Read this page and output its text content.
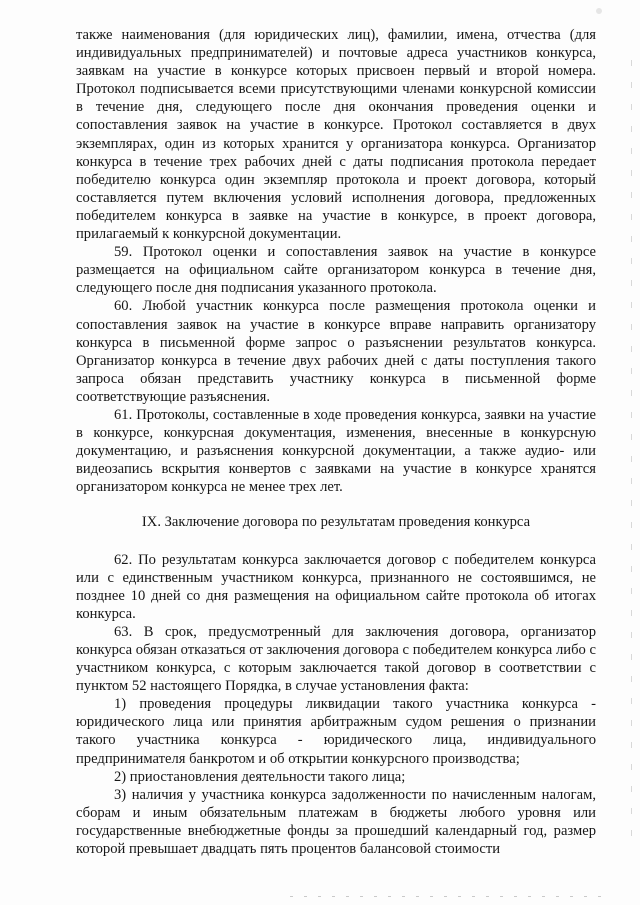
также наименования (для юридических лиц), фамилии, имена, отчества (для индивидуальных предпринимателей) и почтовые адреса участников конкурса, заявкам на участие в конкурсе которых присвоен первый и второй номера. Протокол подписывается всеми присутствующими членами конкурсной комиссии в течение дня, следующего после дня окончания проведения оценки и сопоставления заявок на участие в конкурсе. Протокол составляется в двух экземплярах, один из которых хранится у организатора конкурса. Организатор конкурса в течение трех рабочих дней с даты подписания протокола передает победителю конкурса один экземпляр протокола и проект договора, который составляется путем включения условий исполнения договора, предложенных победителем конкурса в заявке на участие в конкурсе, в проект договора, прилагаемый к конкурсной документации.

59. Протокол оценки и сопоставления заявок на участие в конкурсе размещается на официальном сайте организатором конкурса в течение дня, следующего после дня подписания указанного протокола.

60. Любой участник конкурса после размещения протокола оценки и сопоставления заявок на участие в конкурсе вправе направить организатору конкурса в письменной форме запрос о разъяснении результатов конкурса. Организатор конкурса в течение двух рабочих дней с даты поступления такого запроса обязан представить участнику конкурса в письменной форме соответствующие разъяснения.

61. Протоколы, составленные в ходе проведения конкурса, заявки на участие в конкурсе, конкурсная документация, изменения, внесенные в конкурсную документацию, и разъяснения конкурсной документации, а также аудио- или видеозапись вскрытия конвертов с заявками на участие в конкурсе хранятся организатором конкурса не менее трех лет.

IX. Заключение договора по результатам проведения конкурса

62. По результатам конкурса заключается договор с победителем конкурса или с единственным участником конкурса, признанного не состоявшимся, не позднее 10 дней со дня размещения на официальном сайте протокола об итогах конкурса.

63. В срок, предусмотренный для заключения договора, организатор конкурса обязан отказаться от заключения договора с победителем конкурса либо с участником конкурса, с которым заключается такой договор в соответствии с пунктом 52 настоящего Порядка, в случае установления факта:

1) проведения процедуры ликвидации такого участника конкурса - юридического лица или принятия арбитражным судом решения о признании такого участника конкурса - юридического лица, индивидуального предпринимателя банкротом и об открытии конкурсного производства;

2) приостановления деятельности такого лица;

3) наличия у участника конкурса задолженности по начисленным налогам, сборам и иным обязательным платежам в бюджеты любого уровня или государственные внебюджетные фонды за прошедший календарный год, размер которой превышает двадцать пять процентов балансовой стоимости
